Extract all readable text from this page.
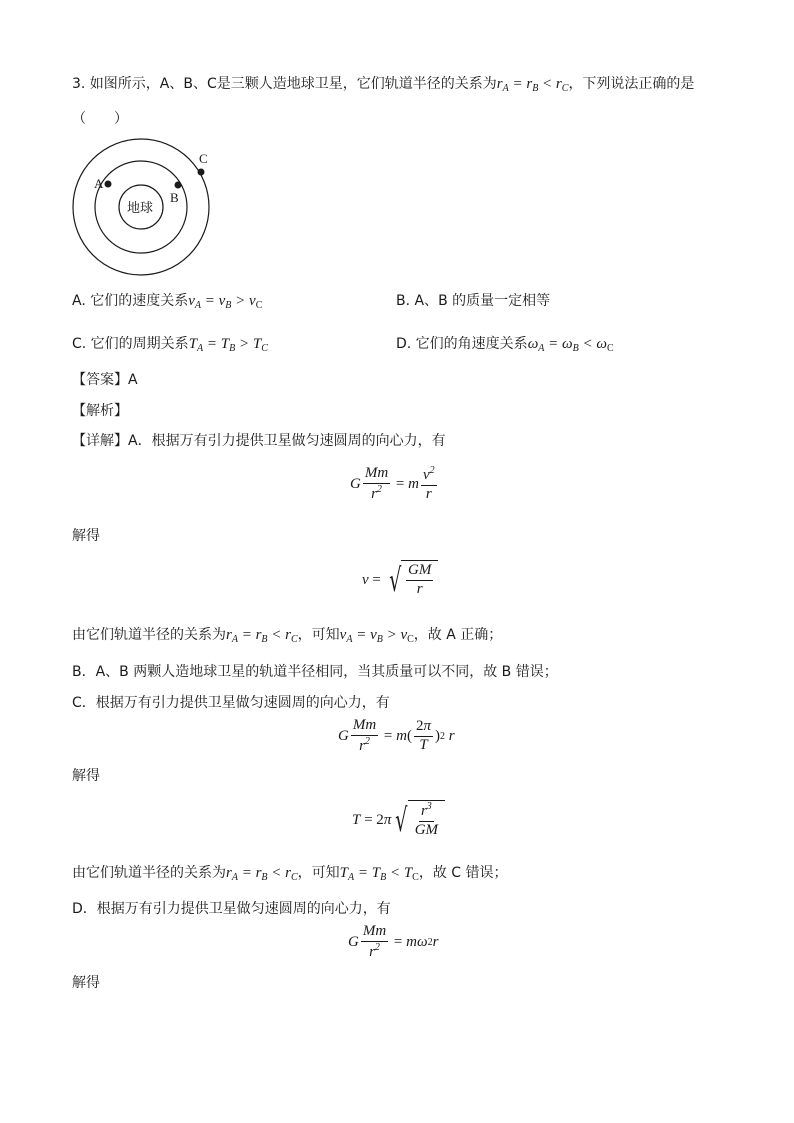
3. 如图所示，A、B、C是三颗人造地球卫星，它们轨道半径的关系为$r_A = r_B < r_C$，下列说法正确的是
（　　）
地球
A
B
C
A. 它们的速度关系$v_A = v_B > v_C$	B. A、B 的质量一定相等
C. 它们的周期关系$T_A = T_B > T_C$	D. 它们的角速度关系$\omega_A = \omega_B < \omega_C$
【答案】A
【解析】
【详解】A．根据万有引力提供卫星做匀速圆周的向心力，有
G $\frac{Mm}{r^2} = m \frac{v^2}{r}$
解得
v = √ $\frac{GM}{r}$
由它们轨道半径的关系为$r_A = r_B < r_C$，可知$v_A = v_B > v_C$，故 A 正确；
B．A、B 两颗人造地球卫星的轨道半径相同，当其质量可以不同，故 B 错误；
C．根据万有引力提供卫星做匀速圆周的向心力，有
G $\frac{Mm}{r^2} = m$ ( $\frac{2\pi}{T}$ ) 2 r
解得
T = 2 π √ $\frac{r^3}{GM}$
由它们轨道半径的关系为$r_A = r_B < r_C$，可知$T_A = T_B < T_C$，故 C 错误；
D．根据万有引力提供卫星做匀速圆周的向心力，有
G $\frac{Mm}{r^2} = m\omega$ 2 r
解得
